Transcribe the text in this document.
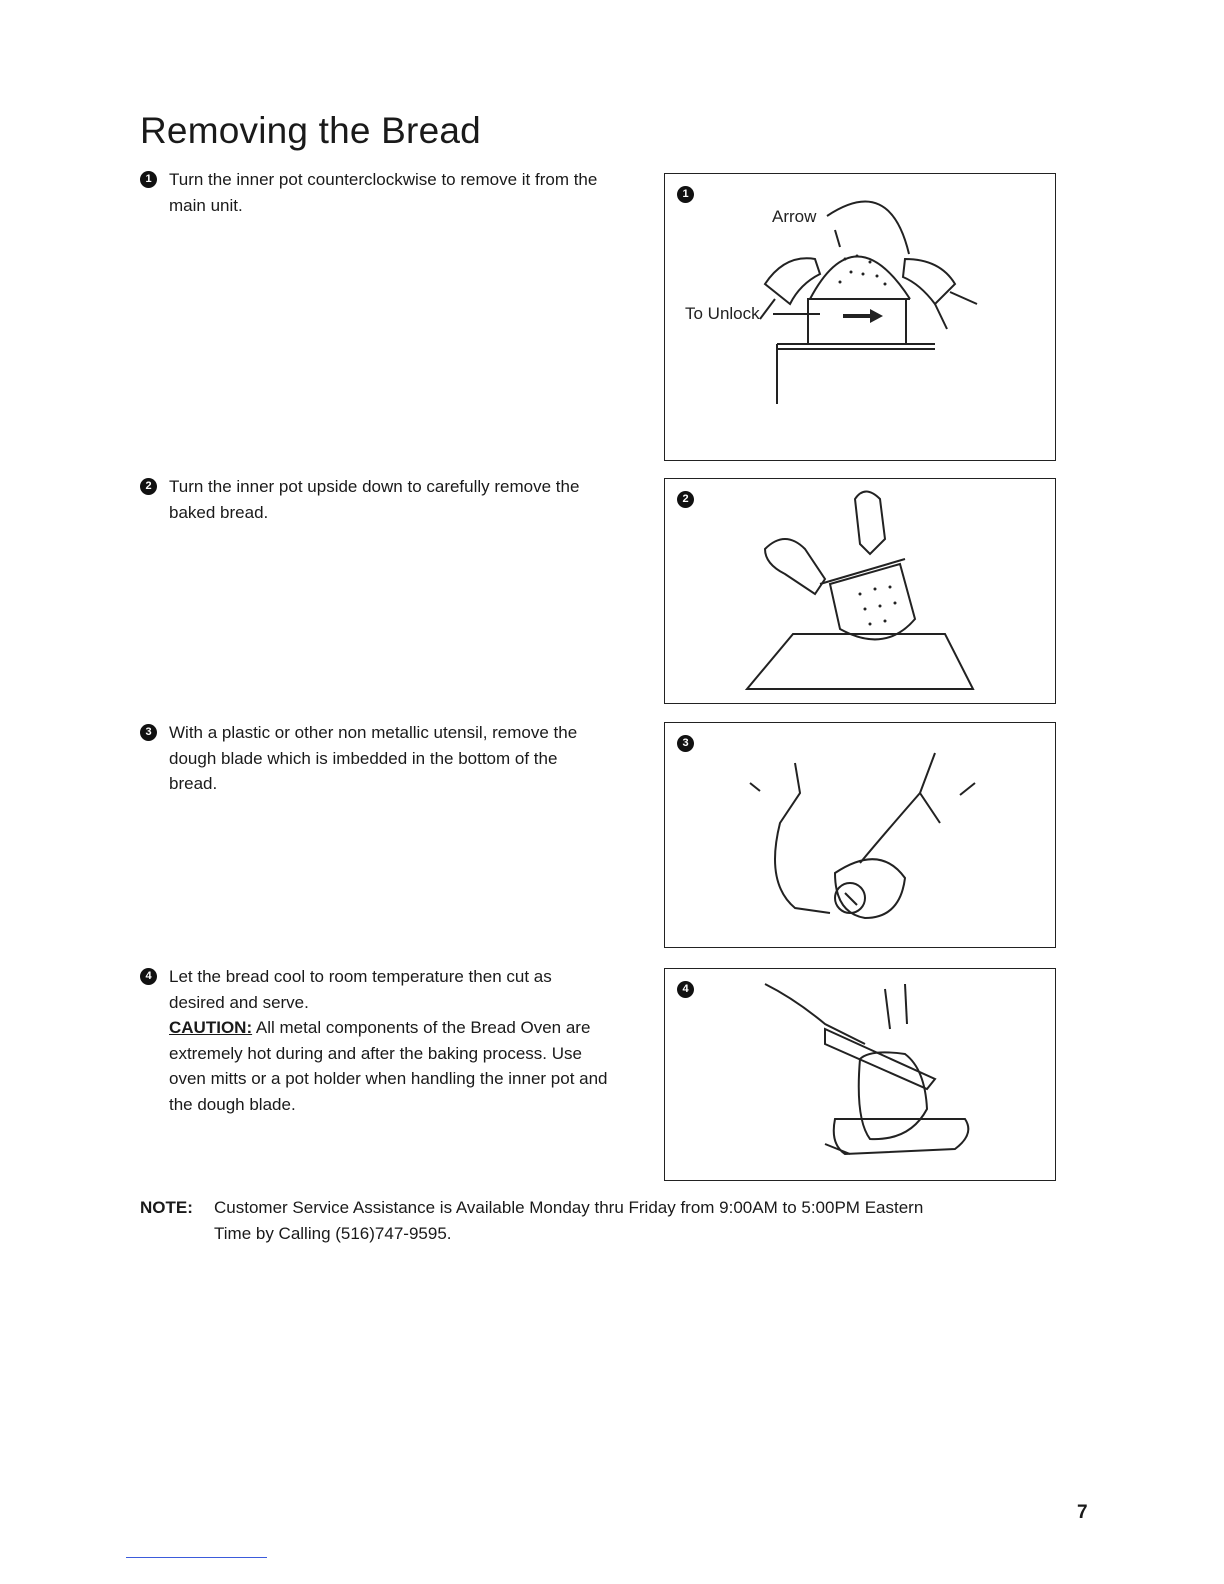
Removing the Bread
1	Turn the inner pot counterclockwise to remove it from the main unit.
2	Turn the inner pot upside down to carefully remove the baked bread.
3	With a plastic or other non metallic utensil, remove the dough blade which is imbedded in the bottom of the bread.
4	Let the bread cool to room temperature then cut as desired and serve.
CAUTION: All metal components of the Bread Oven are extremely hot during and after the baking process. Use oven mitts or a pot holder when handling the inner pot and the dough blade.
1
Arrow
To Unlock
2
3
4
NOTE: Customer Service Assistance is Available Monday thru Friday from 9:00AM to 5:00PM Eastern
Time by Calling (516)747-9595.
7
